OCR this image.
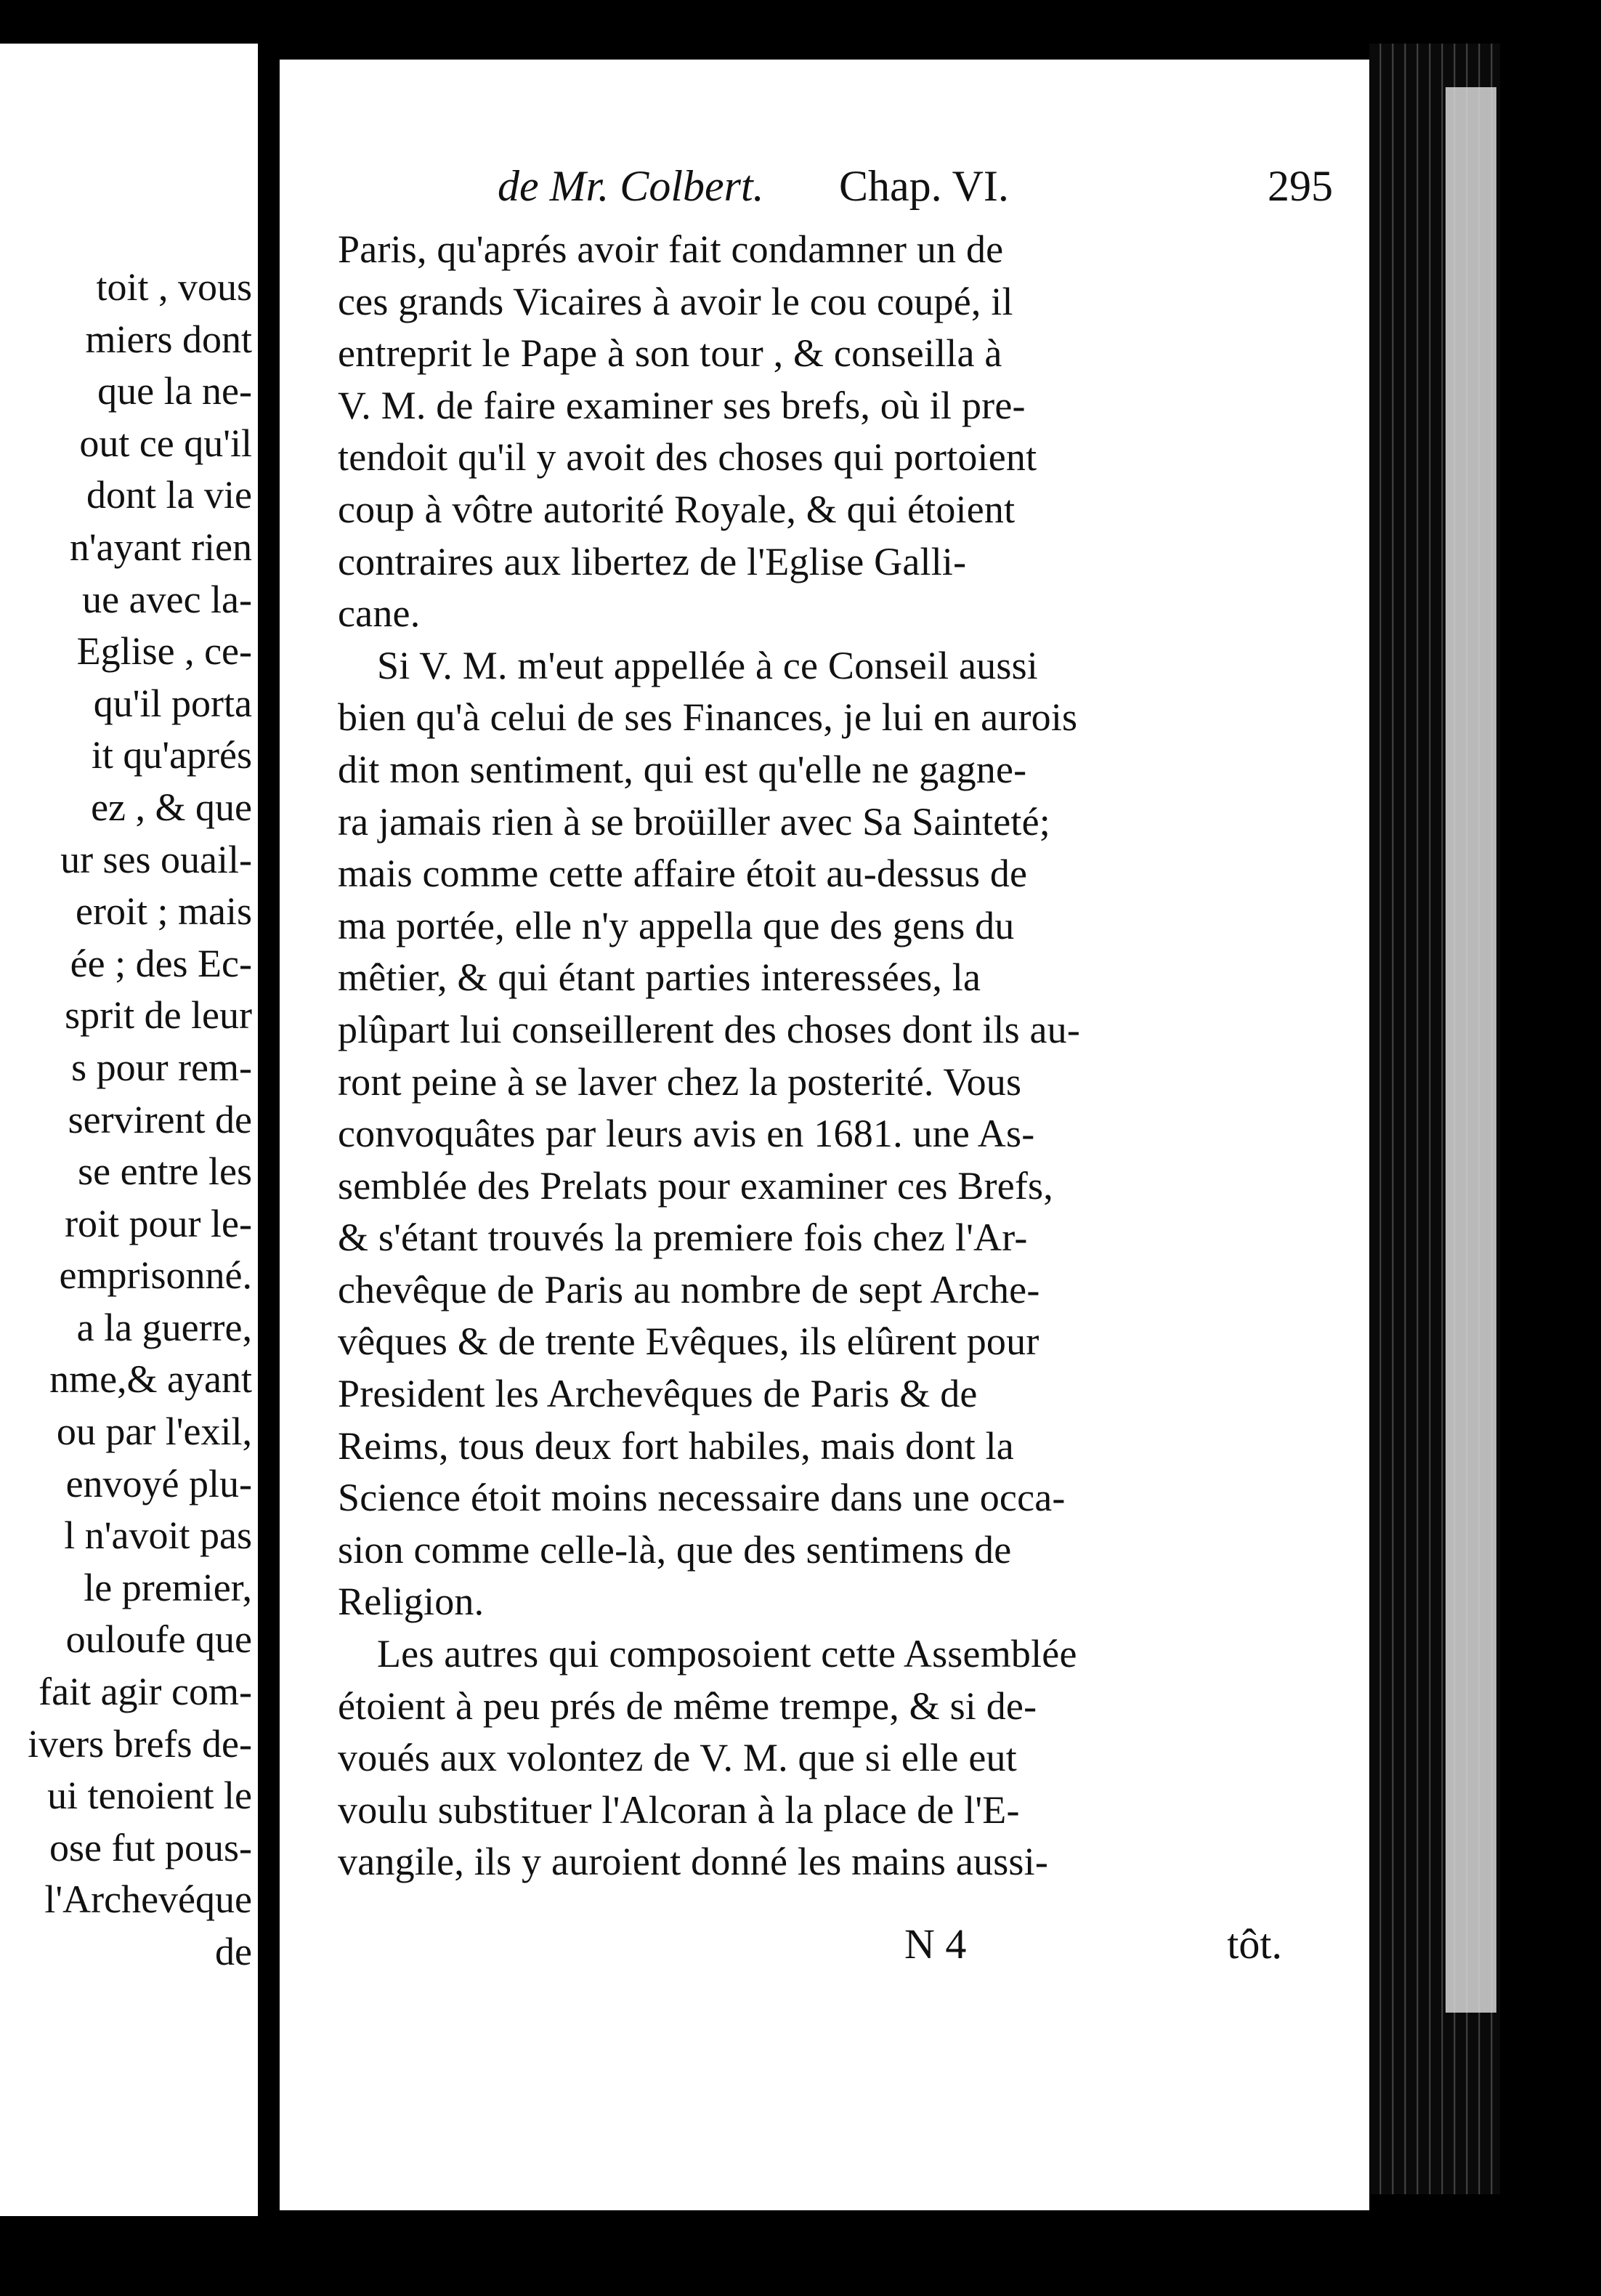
toit , vous
miers dont
que la ne-
out ce qu'il
dont la vie
n'ayant rien
ue avec la-
Eglise , ce-
qu'il porta
it qu'aprés
ez , & que
ur ses ouail-
eroit ; mais
ée ; des Ec-
sprit de leur
s pour rem-
servirent de
se entre les
roit pour le-
emprisonné.
a la guerre,
nme,& ayant
ou par l'exil,
envoyé plu-
l n'avoit pas
le premier,
ouloufe que
fait agir com-
ivers brefs de-
ui tenoient le
ose fut pous-
l'Archevéque
de
de Mr. Colbert. Chap. VI.	295
Paris, qu'aprés avoir fait condamner un de
ces grands Vicaires à avoir le cou coupé, il
entreprit le Pape à son tour , & conseilla à
V. M. de faire examiner ses brefs, où il pre-
tendoit qu'il y avoit des choses qui portoient
coup à vôtre autorité Royale, & qui étoient
contraires aux libertez de l'Eglise Galli-
cane.
Si V. M. m'eut appellée à ce Conseil aussi
bien qu'à celui de ses Finances, je lui en aurois
dit mon sentiment, qui est qu'elle ne gagne-
ra jamais rien à se broüiller avec Sa Sainteté;
mais comme cette affaire étoit au-dessus de
ma portée, elle n'y appella que des gens du
mêtier, & qui étant parties interessées, la
plûpart lui conseillerent des choses dont ils au-
ront peine à se laver chez la posterité. Vous
convoquâtes par leurs avis en 1681. une As-
semblée des Prelats pour examiner ces Brefs,
& s'étant trouvés la premiere fois chez l'Ar-
chevêque de Paris au nombre de sept Arche-
vêques & de trente Evêques, ils elûrent pour
President les Archevêques de Paris & de
Reims, tous deux fort habiles, mais dont la
Science étoit moins necessaire dans une occa-
sion comme celle-là, que des sentimens de
Religion.
Les autres qui composoient cette Assemblée
étoient à peu prés de même trempe, & si de-
voués aux volontez de V. M. que si elle eut
voulu substituer l'Alcoran à la place de l'E-
vangile, ils y auroient donné les mains aussi-
N 4	tôt.
